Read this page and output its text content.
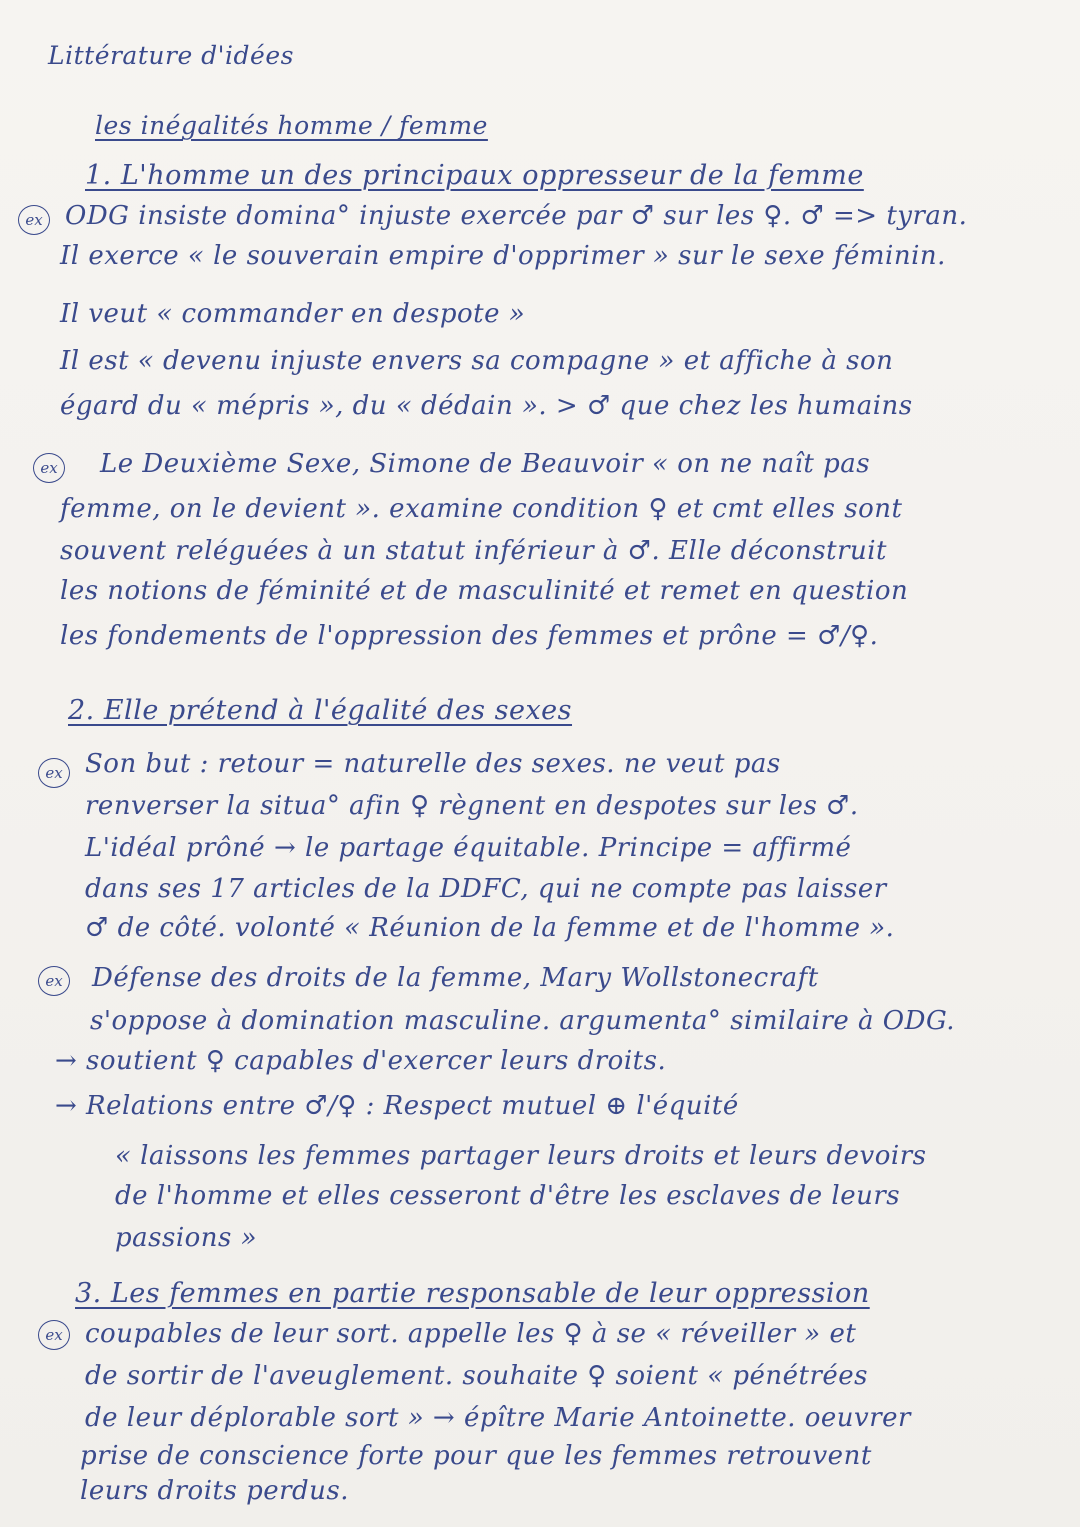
Littérature d'idées
les inégalités homme / femme
1. L'homme un des principaux oppresseur de la femme
ex ODG insiste domina° injuste exercée par ♂ sur les ♀. ♂ => tyran.
Il exerce « le souverain empire d'opprimer » sur le sexe féminin.
Il veut « commander en despote »
Il est « devenu injuste envers sa compagne » et affiche à son
égard du « mépris », du « dédain ». > ♂ que chez les humains
ex Le Deuxième Sexe, Simone de Beauvoir « on ne naît pas
femme, on le devient ». examine condition ♀ et cmt elles sont
souvent reléguées à un statut inférieur à ♂. Elle déconstruit
les notions de féminité et de masculinité et remet en question
les fondements de l'oppression des femmes et prône = ♂/♀.
2. Elle prétend à l'égalité des sexes
ex Son but : retour = naturelle des sexes. ne veut pas
renverser la situa° afin ♀ règnent en despotes sur les ♂.
L'idéal prôné → le partage équitable. Principe = affirmé
dans ses 17 articles de la DDFC, qui ne compte pas laisser
♂ de côté. volonté « Réunion de la femme et de l'homme ».
ex Défense des droits de la femme, Mary Wollstonecraft
s'oppose à domination masculine. argumenta° similaire à ODG.
→ soutient ♀ capables d'exercer leurs droits.
→ Relations entre ♂/♀ : Respect mutuel ⊕ l'équité
« laissons les femmes partager leurs droits et leurs devoirs
de l'homme et elles cesseront d'être les esclaves de leurs
passions »
3. Les femmes en partie responsable de leur oppression
ex coupables de leur sort. appelle les ♀ à se « réveiller » et
de sortir de l'aveuglement. souhaite ♀ soient « pénétrées
de leur déplorable sort » → épître Marie Antoinette. oeuvrer
prise de conscience forte pour que les femmes retrouvent
leurs droits perdus.
